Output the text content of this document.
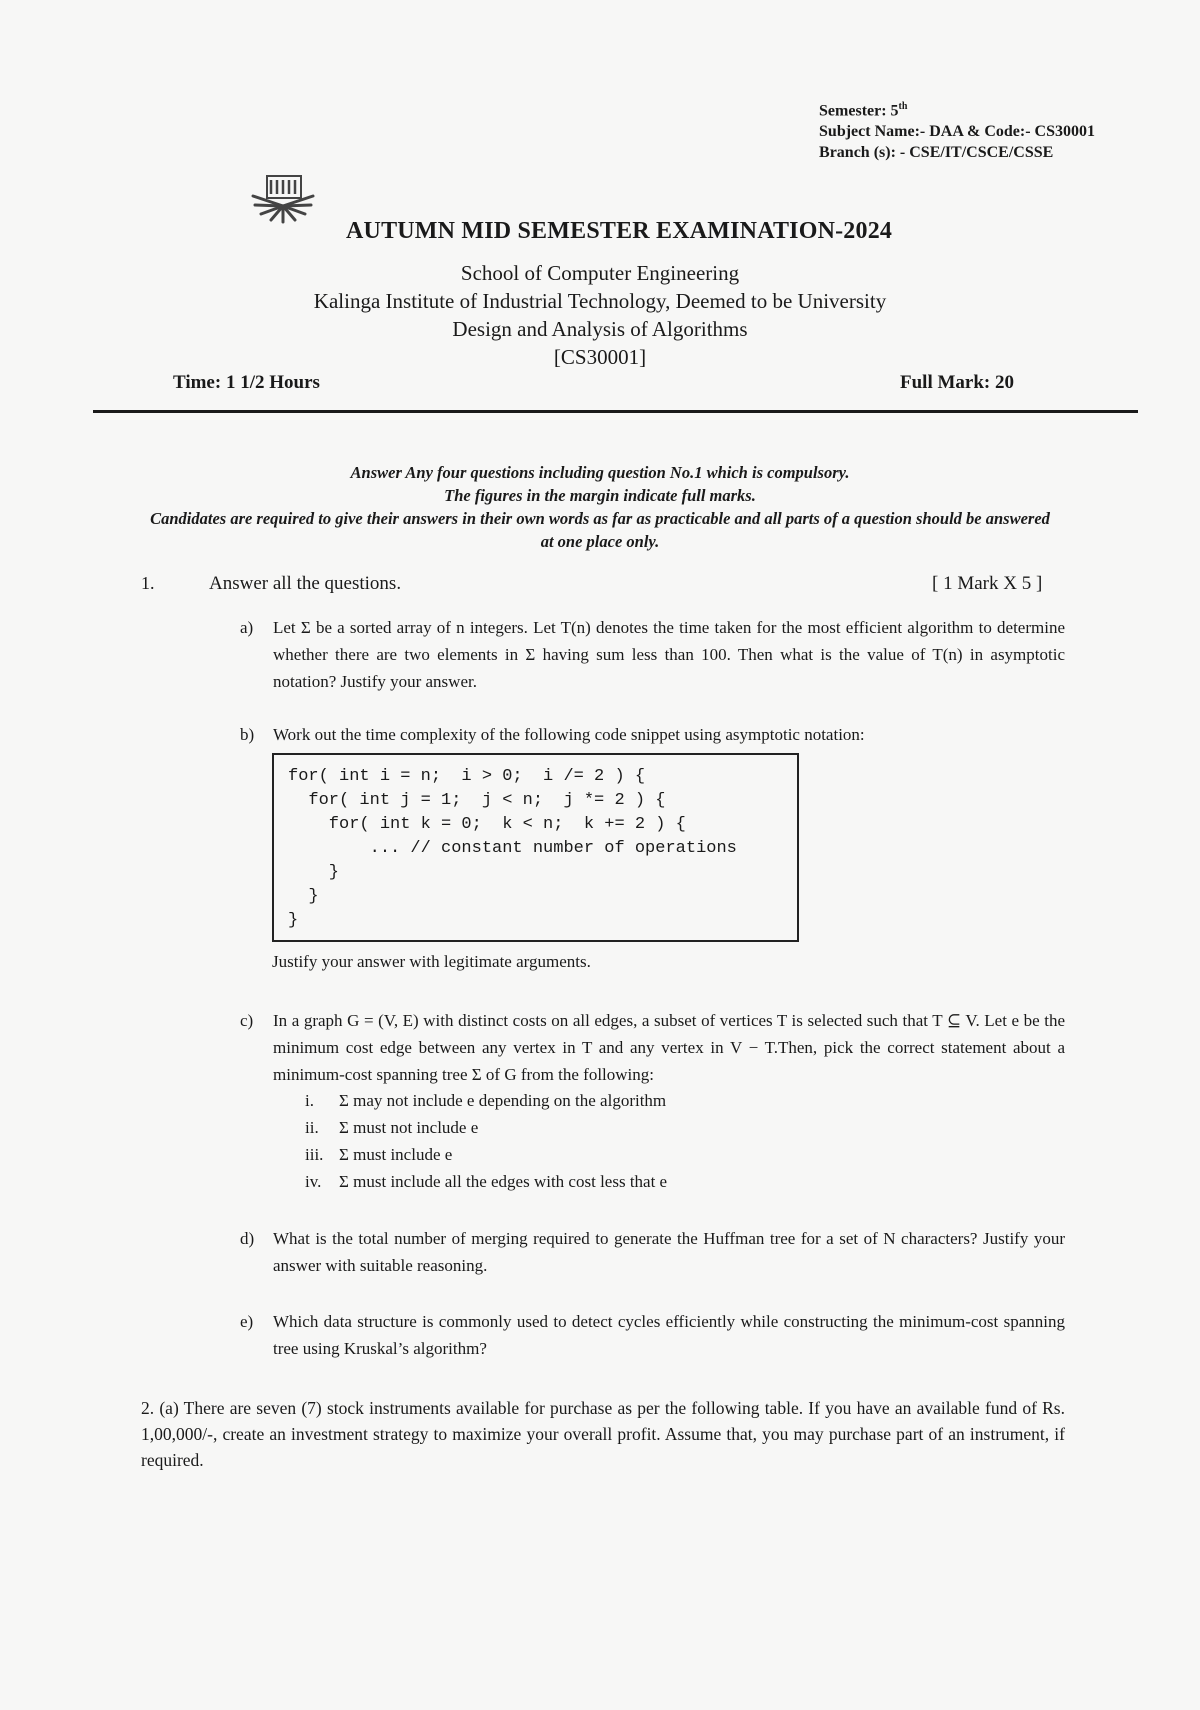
Semester: 5th
Subject Name:- DAA & Code:- CS30001
Branch (s): - CSE/IT/CSCE/CSSE
AUTUMN MID SEMESTER EXAMINATION-2024
School of Computer Engineering
Kalinga Institute of Industrial Technology, Deemed to be University
Design and Analysis of Algorithms
[CS30001]
Time: 1 1/2 Hours	Full Mark: 20
Answer Any four questions including question No.1 which is compulsory.
The figures in the margin indicate full marks.
Candidates are required to give their answers in their own words as far as practicable and all parts of a question should be answered at one place only.
1.	Answer all the questions.	[ 1 Mark X 5 ]
a) Let Σ be a sorted array of n integers. Let T(n) denotes the time taken for the most efficient algorithm to determine whether there are two elements in Σ having sum less than 100. Then what is the value of T(n) in asymptotic notation? Justify your answer.
b) Work out the time complexity of the following code snippet using asymptotic notation:
for( int i = n;  i > 0;  i /= 2 ) {
for( int j = 1;  j < n;  j *= 2 ) {
for( int k = 0;  k < n;  k += 2 ) {
... // constant number of operations
}
}
}
Justify your answer with legitimate arguments.
c) In a graph G = (V, E) with distinct costs on all edges, a subset of vertices T is selected such that T ⊆ V. Let e be the minimum cost edge between any vertex in T and any vertex in V − T.Then, pick the correct statement about a minimum-cost spanning tree Σ of G from the following:
i. Σ may not include e depending on the algorithm
ii. Σ must not include e
iii. Σ must include e
iv. Σ must include all the edges with cost less that e
d) What is the total number of merging required to generate the Huffman tree for a set of N characters? Justify your answer with suitable reasoning.
e) Which data structure is commonly used to detect cycles efficiently while constructing the minimum-cost spanning tree using Kruskal’s algorithm?
2. (a) There are seven (7) stock instruments available for purchase as per the following table. If you have an available fund of Rs. 1,00,000/-, create an investment strategy to maximize your overall profit. Assume that, you may purchase part of an instrument, if required.
